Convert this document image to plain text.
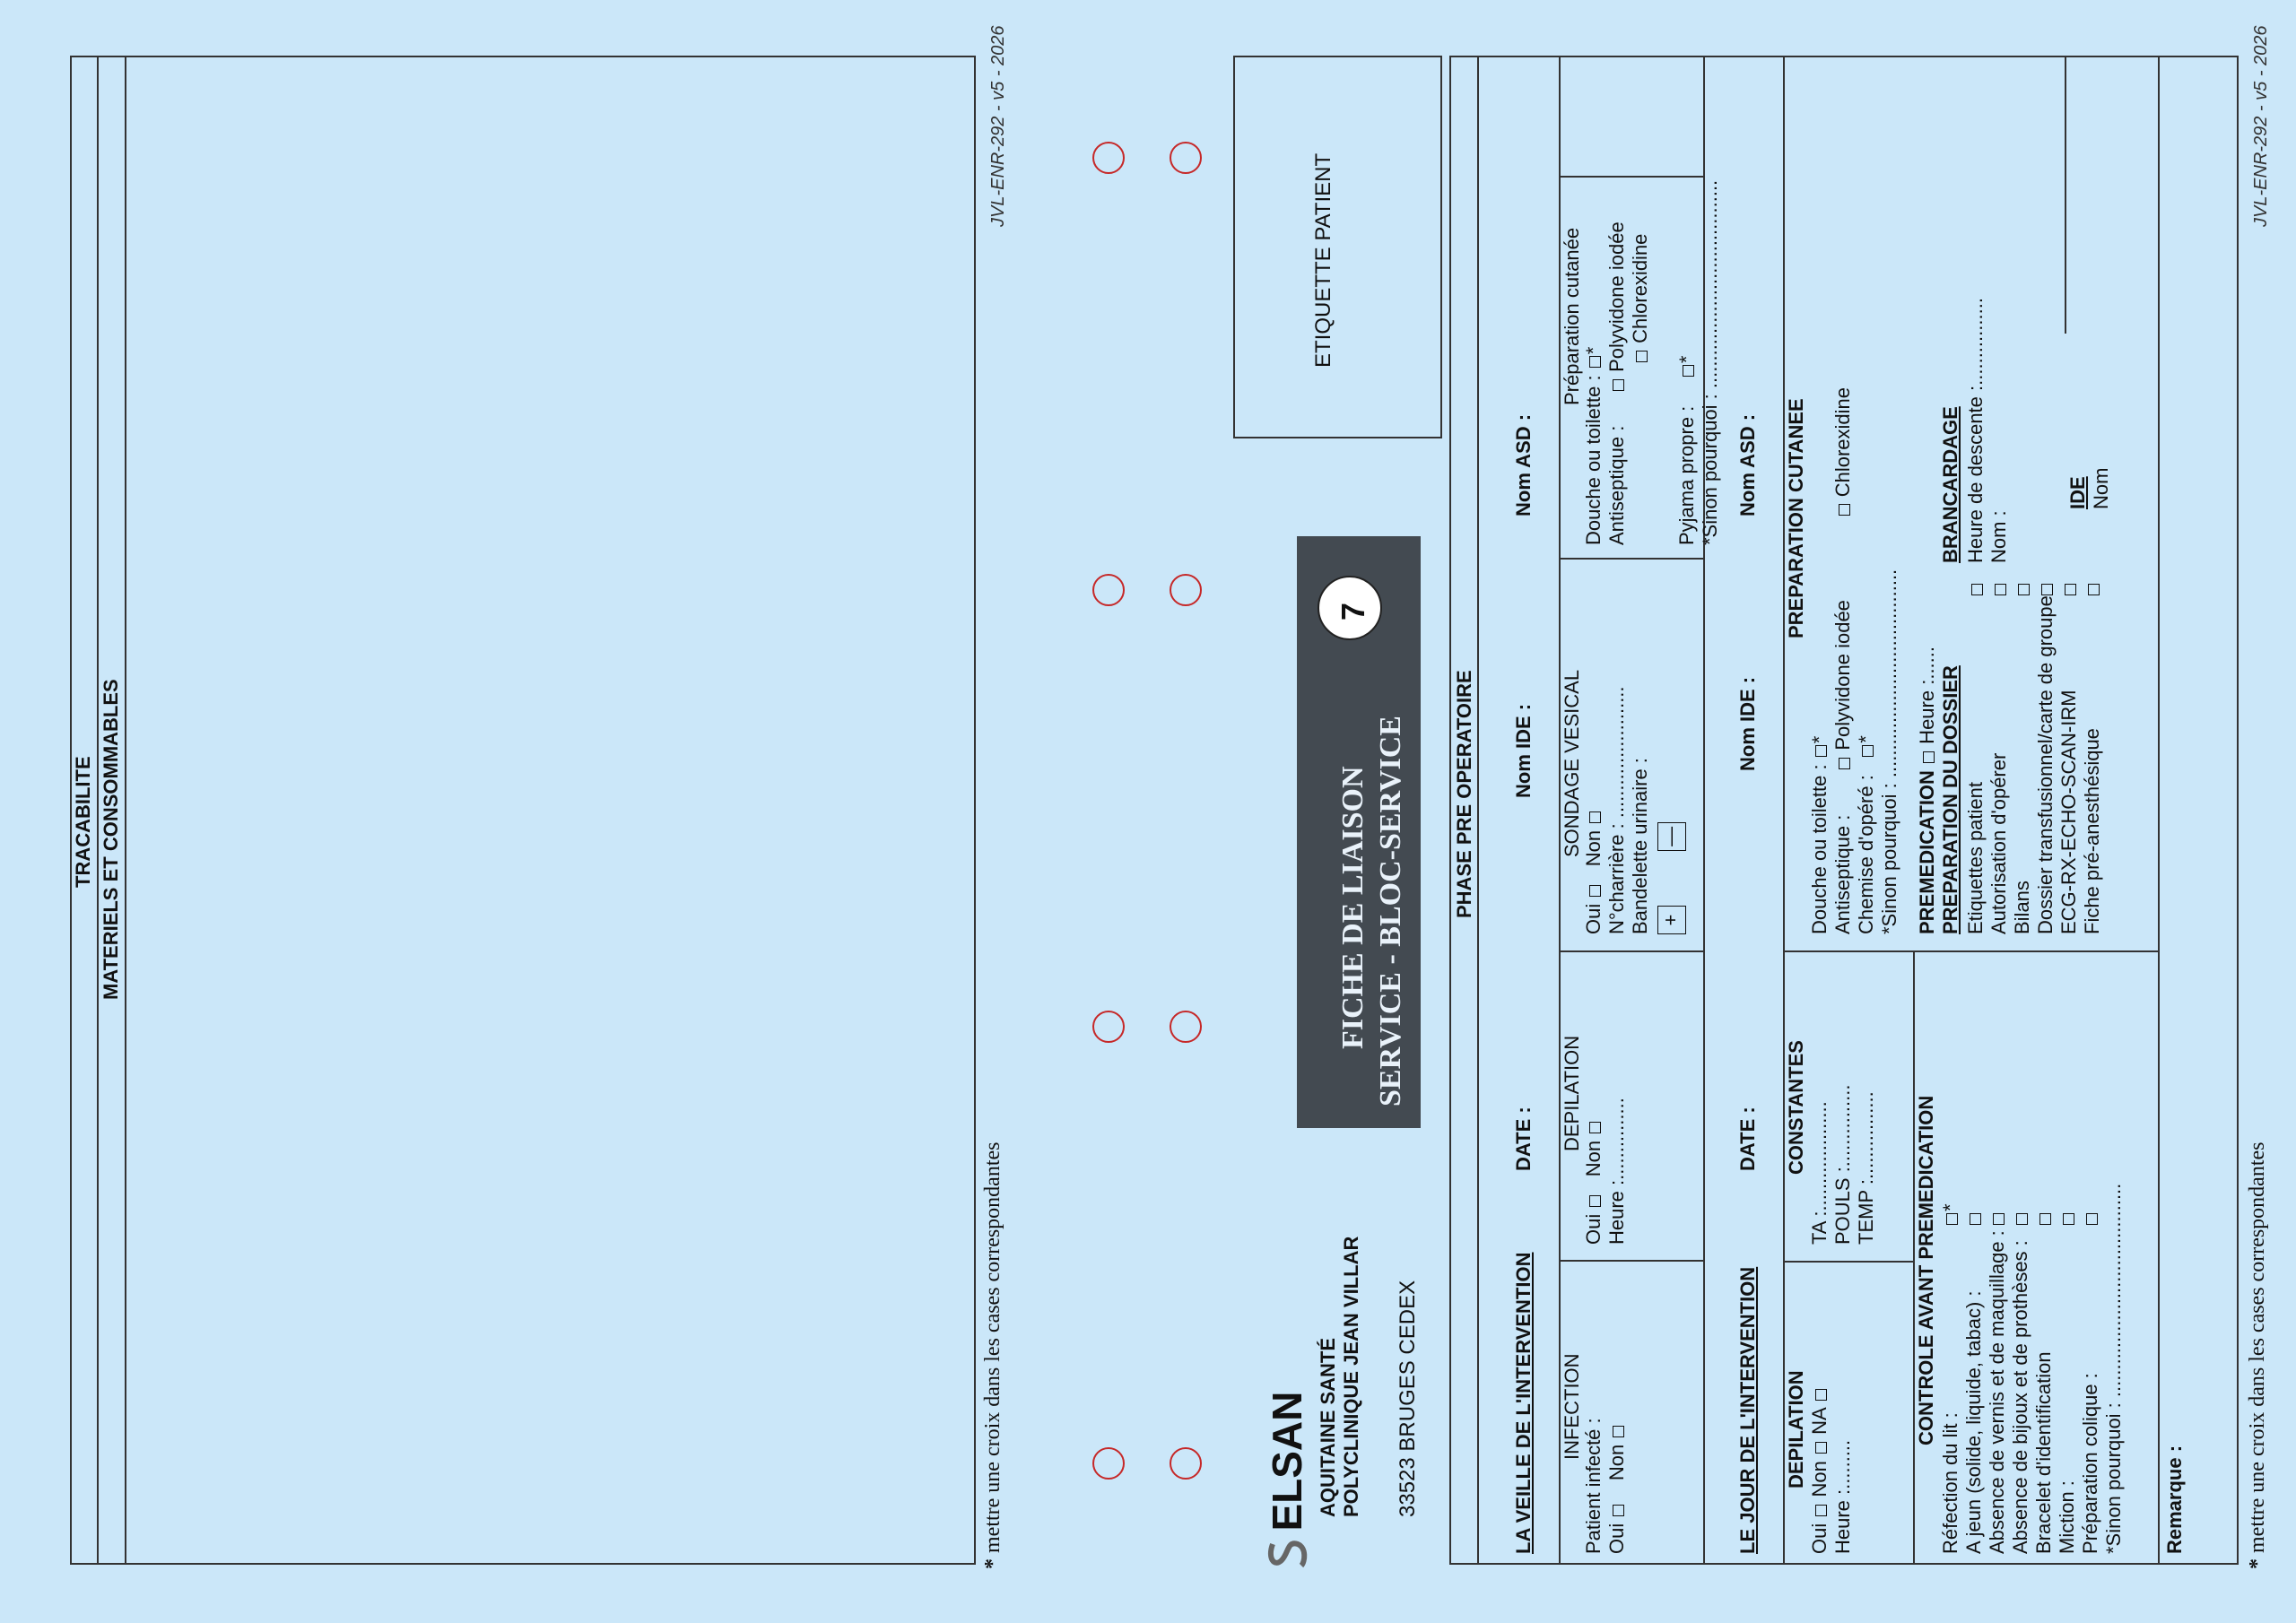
TRACABILITE MATERIELS ET CONSOMMABLES
* mettre une croix dans les cases correspondantes
JVL-ENR-292 - v5 - 2026
ELSAN AQUITAINE SANTÉ POLYCLINIQUE JEAN VILLAR 33523 BRUGES CEDEX
FICHE DE LIAISON SERVICE - BLOC-SERVICE
7
ETIQUETTE PATIENT
PHASE PRE OPERATOIRE
LA VEILLE DE L'INTERVENTION
DATE :
Nom IDE :
Nom ASD :
INFECTION
DEPILATION
SONDAGE VESICAL
Préparation cutanée
Patient infecté : Oui     Non
Oui    Non Heure :...............
Oui    Non N°charrière : ........................ Bandelette urinaire : +          —
Douche ou toilette : *
Antiseptique :       Polyvidone iodée Chlorexidine
Pyjama propre :     * *Sinon pourquoi : ......................................
LE JOUR DE L'INTERVENTION
DATE :
Nom IDE :
Nom ASD :
DEPILATION
CONSTANTES
PREPARATION CUTANEE
Oui  Non  NA
Heure :.........
TA :.................... POULS :............... TEMP :................
Douche ou toilette : *
Antiseptique :         Polyvidone iodée                Chlorexidine
Chemise d'opéré :   * *Sinon pourquoi : ......................................
CONTROLE AVANT PREMEDICATION
Réfection du lit : A jeun (solide, liquide, tabac) : Absence de vernis et de maquillage : Absence de bijoux et de prothèses : Bracelet d'identification Miction : Préparation colique : *Sinon pourquoi : .......................................
*
PREMEDICATION  Heure :...... PREPARATION DU DOSSIER Etiquettes patient Autorisation d'opérer Bilans Dossier transfusionnel/carte de groupe ECG-RX-ECHO-SCAN-IRM Fiche pré-anesthésique
BRANCARDAGE Heure de descente :................ Nom :
IDE Nom
Remarque :
* mettre une croix dans les cases correspondantes
JVL-ENR-292 - v5 - 2026
